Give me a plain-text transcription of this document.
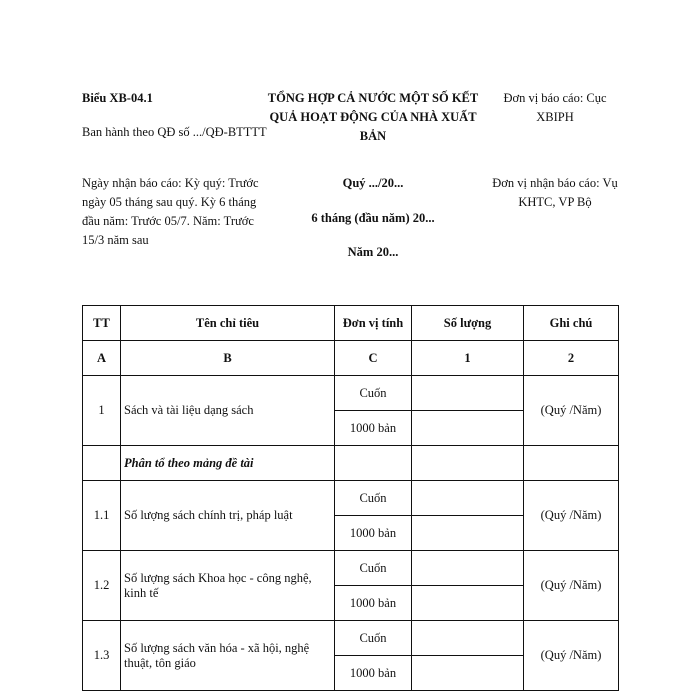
Biểu XB-04.1
Ban hành theo QĐ số .../QĐ-BTTTT
TỔNG HỢP CẢ NƯỚC MỘT SỐ KẾT QUẢ HOẠT ĐỘNG CỦA NHÀ XUẤT BẢN
Đơn vị báo cáo: Cục XBIPH
Ngày nhận báo cáo: Kỳ quý: Trước ngày 05 tháng sau quý. Kỳ 6 tháng đầu năm: Trước 05/7. Năm: Trước 15/3 năm sau
Quý .../20...
6 tháng (đầu năm) 20...
Năm 20...
Đơn vị nhận báo cáo: Vụ KHTC, VP Bộ
TT	Tên chỉ tiêu	Đơn vị tính	Số lượng	Ghi chú
A	B	C	1	2
1	Sách và tài liệu dạng sách	Cuốn		(Quý /Năm)
		1000 bản		
	Phân tổ theo mảng đề tài			
1.1	Số lượng sách chính trị, pháp luật	Cuốn		(Quý /Năm)
		1000 bản		
1.2	Số lượng sách Khoa học - công nghệ, kinh tế	Cuốn		(Quý /Năm)
		1000 bản		
1.3	Số lượng sách văn hóa - xã hội, nghệ thuật, tôn giáo	Cuốn		(Quý /Năm)
		1000 bản		
